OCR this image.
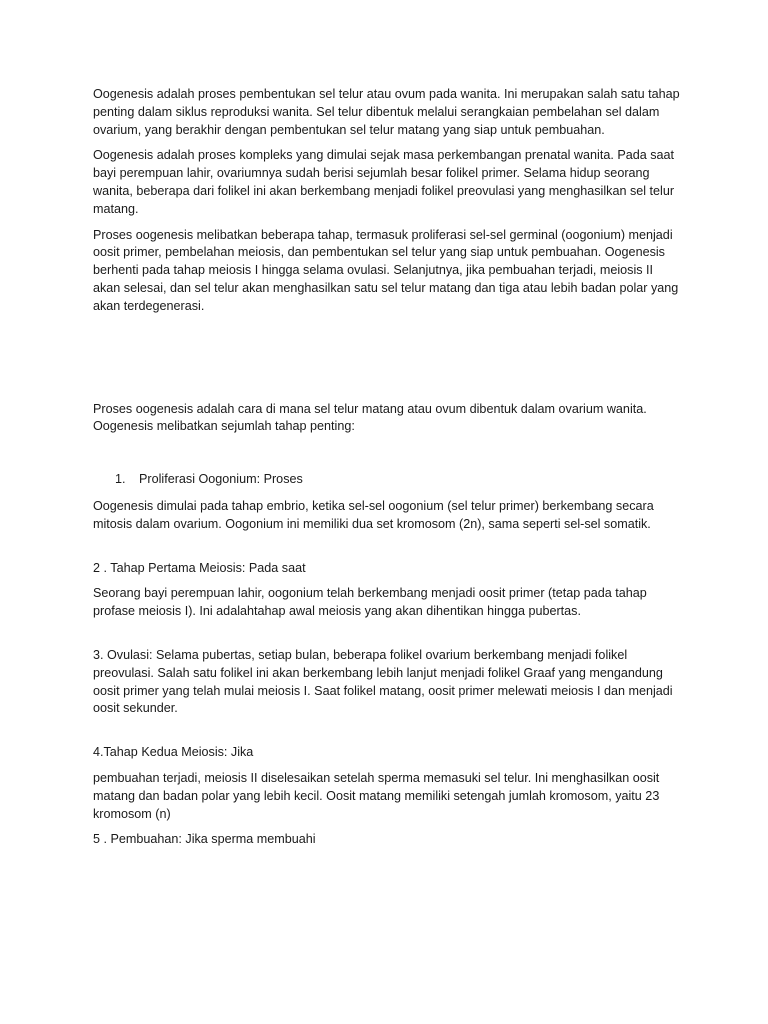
Oogenesis adalah proses pembentukan sel telur atau ovum pada wanita. Ini merupakan salah satu tahap penting dalam siklus reproduksi wanita. Sel telur dibentuk melalui serangkaian pembelahan sel dalam ovarium, yang berakhir dengan pembentukan sel telur matang yang siap untuk pembuahan.

Oogenesis adalah proses kompleks yang dimulai sejak masa perkembangan prenatal wanita. Pada saat bayi perempuan lahir, ovariumnya sudah berisi sejumlah besar folikel primer. Selama hidup seorang wanita, beberapa dari folikel ini akan berkembang menjadi folikel preovulasi yang menghasilkan sel telur matang.

Proses oogenesis melibatkan beberapa tahap, termasuk proliferasi sel-sel germinal (oogonium) menjadi oosit primer, pembelahan meiosis, dan pembentukan sel telur yang siap untuk pembuahan. Oogenesis berhenti pada tahap meiosis I hingga selama ovulasi. Selanjutnya, jika pembuahan terjadi, meiosis II akan selesai, dan sel telur akan menghasilkan satu sel telur matang dan tiga atau lebih badan polar yang akan terdegenerasi.

Proses oogenesis adalah cara di mana sel telur matang atau ovum dibentuk dalam ovarium wanita. Oogenesis melibatkan sejumlah tahap penting:

1. Proliferasi Oogonium: Proses

Oogenesis dimulai pada tahap embrio, ketika sel-sel oogonium (sel telur primer) berkembang secara mitosis dalam ovarium. Oogonium ini memiliki dua set kromosom (2n), sama seperti sel-sel somatik.

2 . Tahap Pertama Meiosis: Pada saat

Seorang bayi perempuan lahir, oogonium telah berkembang menjadi oosit primer (tetap pada tahap profase meiosis I). Ini adalahtahap awal meiosis yang akan dihentikan hingga pubertas.

3. Ovulasi: Selama pubertas, setiap bulan, beberapa folikel ovarium berkembang menjadi folikel preovulasi. Salah satu folikel ini akan berkembang lebih lanjut menjadi folikel Graaf yang mengandung oosit primer yang telah mulai meiosis I. Saat folikel matang, oosit primer melewati meiosis I dan menjadi oosit sekunder.

4.Tahap Kedua Meiosis: Jika

pembuahan terjadi, meiosis II diselesaikan setelah sperma memasuki sel telur. Ini menghasilkan oosit matang dan badan polar yang lebih kecil. Oosit matang memiliki setengah jumlah kromosom, yaitu 23 kromosom (n)

5 . Pembuahan: Jika sperma membuahi
